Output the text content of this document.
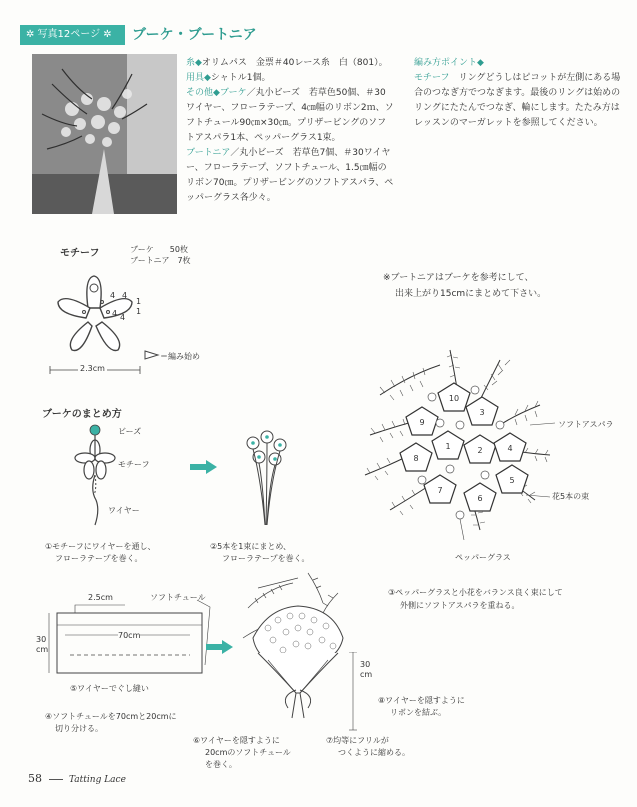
✲ 写真12ページ ✲	ブーケ・ブートニア
糸◆オリムパス　金票＃40レース糸　白（801）。
用具◆シャトル1個。
その他◆ブーケ／丸小ビーズ　若草色50個、＃30ワイヤー、フローラテープ、4㎝幅のリボン2ｍ、ソフトチュール90㎝×30㎝。プリザービングのソフトアスパラ1本、ペッパーグラス1束。
ブートニア／丸小ビーズ　若草色7個、＃30ワイヤー、フローラテープ、ソフトチュール、1.5㎝幅のリボン70㎝。プリザービングのソフトアスパラ、ペッパーグラス各少々。
編み方ポイント◆
モチーフ　 リングどうしはピコットが左側にある場合のつなぎ方でつなぎます。最後のリングは始めのリングにたたんでつなぎ、輪にします。たたみ方はレッスンのマーガレットを参照してください。
モチーフ	ブーケ　　50枚
ブートニア　7枚
4 4
1
1
4 4
2.3cm
＝編み始め
※ブートニアはブーケを参考にして、
出来上がり15cmにまとめて下さい。
ブーケのまとめ方
ビーズ
モチーフ
ワイヤー
①モチーフにワイヤーを通し、
フローラテープを巻く。
②5本を1束にまとめ、
フローラテープを巻く。
10
9
3
8
1	2	4
5
7
6
ソフトアスパラ
花5本の束
ペッパーグラス
③ペッパーグラスと小花をバランス良く束にして
外側にソフトアスパラを重ねる。
2.5cm	ソフトチュール
70cm
30
cm
⑤ワイヤーでぐし縫い
④ソフトチュールを70cmと20cmに
切り分ける。
30
cm
⑧ワイヤーを隠すように
リボンを結ぶ。
⑥ワイヤーを隠すように
20cmのソフトチュール
を巻く。
⑦均等にフリルが
つくように縮める。
58	Tatting Lace
